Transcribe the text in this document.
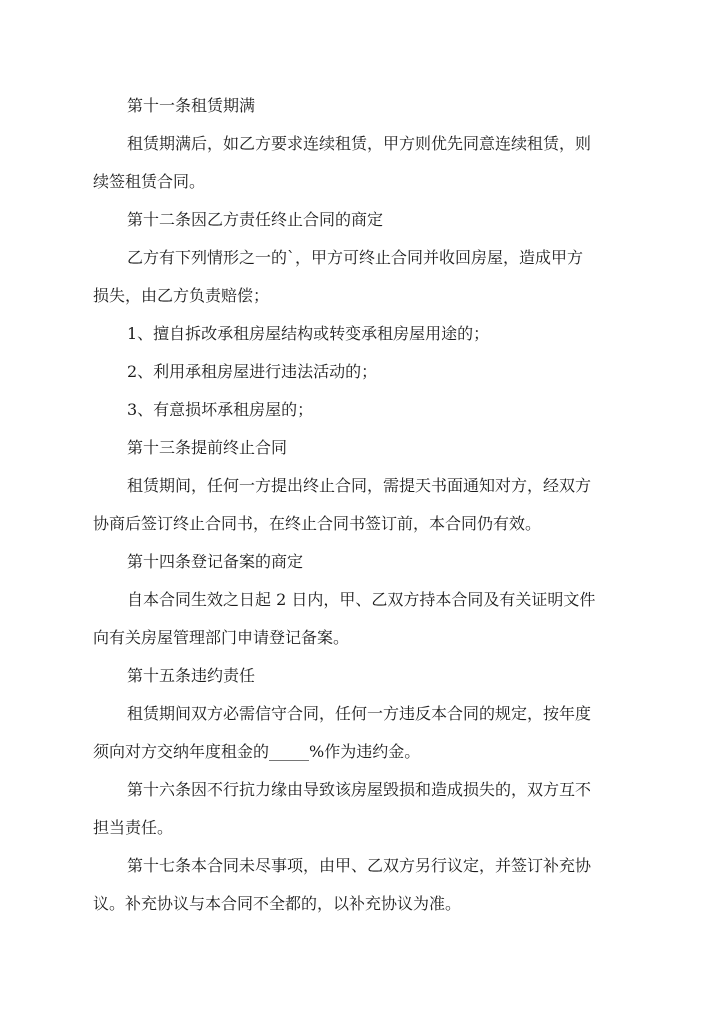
第十一条租赁期满
租赁期满后，如乙方要求连续租赁，甲方则优先同意连续租赁，则
续签租赁合同。
第十二条因乙方责任终止合同的商定
乙方有下列情形之一的`，甲方可终止合同并收回房屋，造成甲方
损失，由乙方负责赔偿；
1、擅自拆改承租房屋结构或转变承租房屋用途的；
2、利用承租房屋进行违法活动的；
3、有意损坏承租房屋的；
第十三条提前终止合同
租赁期间，任何一方提出终止合同，需提天书面通知对方，经双方
协商后签订终止合同书，在终止合同书签订前，本合同仍有效。
第十四条登记备案的商定
自本合同生效之日起 2 日内，甲、乙双方持本合同及有关证明文件
向有关房屋管理部门申请登记备案。
第十五条违约责任
租赁期间双方必需信守合同，任何一方违反本合同的规定，按年度
须向对方交纳年度租金的_____%作为违约金。
第十六条因不行抗力缘由导致该房屋毁损和造成损失的，双方互不
担当责任。
第十七条本合同未尽事项，由甲、乙双方另行议定，并签订补充协
议。补充协议与本合同不全都的，以补充协议为准。
